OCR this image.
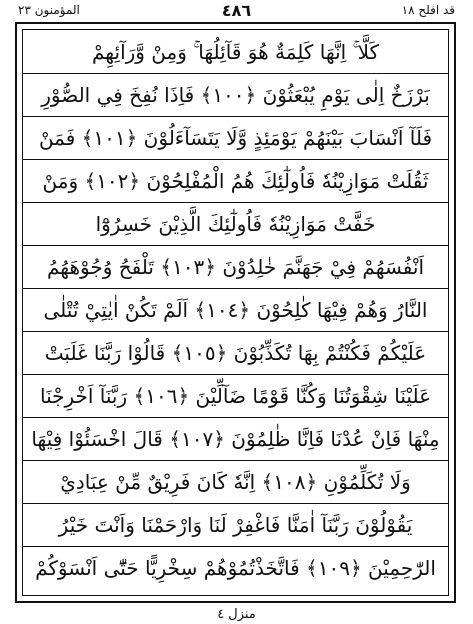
المؤمنون ٢٣	٤٨٦	قد افلح ١٨
كَلَّا ۚ اِنَّهَا كَلِمَةٌ هُوَ قَآئِلُهَا ۚ وَمِنْ وَّرَآئِهِمْ
بَرْزَخٌ اِلٰی يَوْمِ يُبْعَثُوْنَ ﴿١٠٠﴾ فَاِذَا نُفِخَ فِي الصُّوْرِ
فَلَآ اَنْسَابَ بَيْنَهُمْ يَوْمَئِذٍ وَّلَا يَتَسَآءَلُوْنَ ﴿١٠١﴾ فَمَنْ
ثَقُلَتْ مَوَازِيْنُهٗ فَاُولٰٓئِكَ هُمُ الْمُفْلِحُوْنَ ﴿١٠٢﴾ وَمَنْ
خَفَّتْ مَوَازِيْنُهٗ فَاُولٰٓئِكَ الَّذِيْنَ خَسِرُوْٓا
اَنْفُسَهُمْ فِيْ جَهَنَّمَ خٰلِدُوْنَ ﴿١٠٣﴾ تَلْفَحُ وُجُوْهَهُمُ
النَّارُ وَهُمْ فِيْهَا كٰلِحُوْنَ ﴿١٠٤﴾ اَلَمْ تَكُنْ اٰيٰتِيْ تُتْلٰی
عَلَيْكُمْ فَكُنْتُمْ بِهَا تُكَذِّبُوْنَ ﴿١٠٥﴾ قَالُوْا رَبَّنَا غَلَبَتْ
عَلَيْنَا شِقْوَتُنَا وَكُنَّا قَوْمًا ضَآلِّيْنَ ﴿١٠٦﴾ رَبَّنَآ اَخْرِجْنَا
مِنْهَا فَاِنْ عُدْنَا فَاِنَّا ظٰلِمُوْنَ ﴿١٠٧﴾ قَالَ اخْسَئُوْا فِيْهَا
وَلَا تُكَلِّمُوْنِ ﴿١٠٨﴾ اِنَّهٗ كَانَ فَرِيْقٌ مِّنْ عِبَادِيْ
يَقُوْلُوْنَ رَبَّنَآ اٰمَنَّا فَاغْفِرْ لَنَا وَارْحَمْنَا وَاَنْتَ خَيْرُ
الرّٰحِمِيْنَ ﴿١٠٩﴾ فَاتَّخَذْتُمُوْهُمْ سِخْرِيًّا حَتّٰٓی اَنْسَوْكُمْ
منزل ٤
